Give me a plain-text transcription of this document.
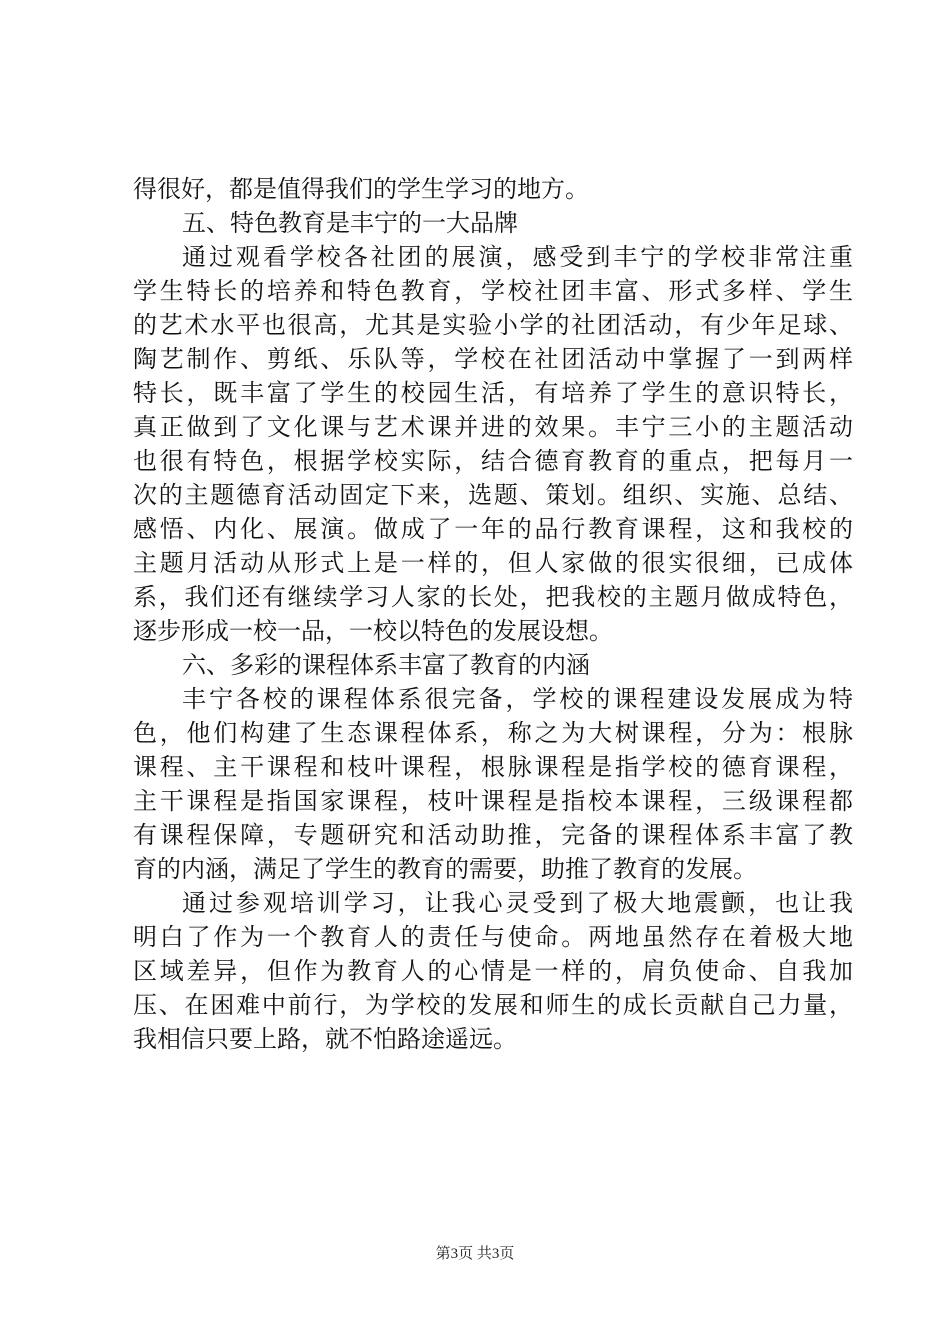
得很好，都是值得我们的学生学习的地方。
五、特色教育是丰宁的一大品牌
通过观看学校各社团的展演，感受到丰宁的学校非常注重
学生特长的培养和特色教育，学校社团丰富、形式多样、学生
的艺术水平也很高，尤其是实验小学的社团活动，有少年足球、
陶艺制作、剪纸、乐队等，学校在社团活动中掌握了一到两样
特长，既丰富了学生的校园生活，有培养了学生的意识特长，
真正做到了文化课与艺术课并进的效果。丰宁三小的主题活动
也很有特色，根据学校实际，结合德育教育的重点，把每月一
次的主题德育活动固定下来，选题、策划。组织、实施、总结、
感悟、内化、展演。做成了一年的品行教育课程，这和我校的
主题月活动从形式上是一样的，但人家做的很实很细，已成体
系，我们还有继续学习人家的长处，把我校的主题月做成特色，
逐步形成一校一品，一校以特色的发展设想。
六、多彩的课程体系丰富了教育的内涵
丰宁各校的课程体系很完备，学校的课程建设发展成为特
色，他们构建了生态课程体系，称之为大树课程，分为：根脉
课程、主干课程和枝叶课程，根脉课程是指学校的德育课程，
主干课程是指国家课程，枝叶课程是指校本课程，三级课程都
有课程保障，专题研究和活动助推，完备的课程体系丰富了教
育的内涵，满足了学生的教育的需要，助推了教育的发展。
通过参观培训学习，让我心灵受到了极大地震颤，也让我
明白了作为一个教育人的责任与使命。两地虽然存在着极大地
区域差异，但作为教育人的心情是一样的，肩负使命、自我加
压、在困难中前行，为学校的发展和师生的成长贡献自己力量，
我相信只要上路，就不怕路途遥远。
第3页 共3页
